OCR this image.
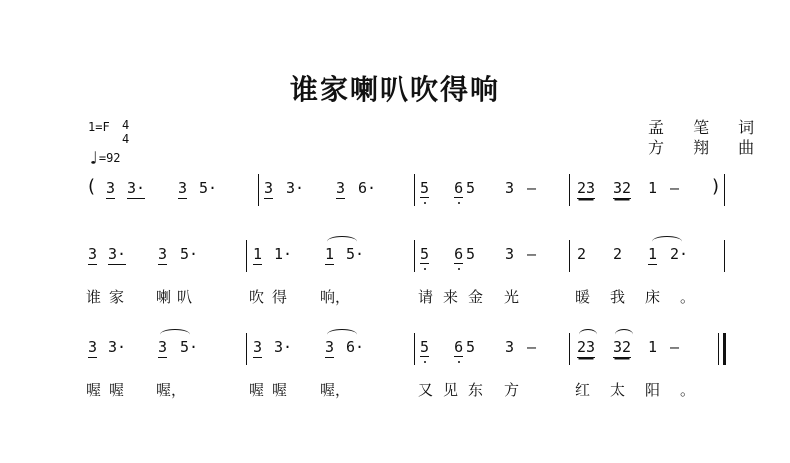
谁家喇叭吹得响
孟 笔 词
方 翔 曲
1=F 4
4
♩=92
( 3 3· 3 5·	3 3· 3 6·	5 6 5 3 –	23 32 1 – )
3 3· 3 5·	1 1· 1 5·	5 6 5 3 –	2 2 1 2·
谁家 喇叭	吹得 响，	请来金 光	暖我床。
3 3· 3 5·	3 3· 3 6·	5 6 5 3 –	23 32 1 –
喔喔 喔，	喔喔 喔，	又见东 方	红太阳。
